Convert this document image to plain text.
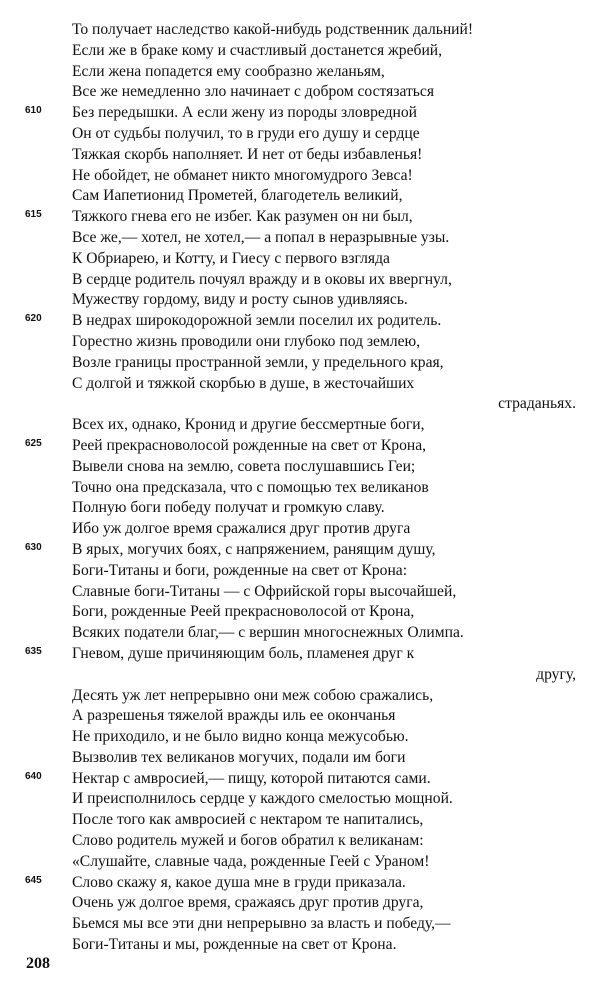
То получает наследство какой-нибудь родственник дальний!
Если же в браке кому и счастливый достанется жребий,
Если жена попадется ему сообразно желаньям,
Все же немедленно зло начинает с добром состязаться
610 Без передышки. А если жену из породы зловредной
Он от судьбы получил, то в груди его душу и сердце
Тяжкая скорбь наполняет. И нет от беды избавленья!
Не обойдет, не обманет никто многомудрого Зевса!
Сам Иапетионид Прометей, благодетель великий,
615 Тяжкого гнева его не избег. Как разумен он ни был,
Все же,— хотел, не хотел,— а попал в неразрывные узы.
К Обриарею, и Котту, и Гиесу с первого взгляда
В сердце родитель почуял вражду и в оковы их ввергнул,
Мужеству гордому, виду и росту сынов удивляясь.
620 В недрах широкодорожной земли поселил их родитель.
Горестно жизнь проводили они глубоко под землею,
Возле границы пространной земли, у предельного края,
С долгой и тяжкой скорбью в душе, в жесточайших
страданьях.
Всех их, однако, Кронид и другие бессмертные боги,
625 Реей прекрасноволосой рожденные на свет от Крона,
Вывели снова на землю, совета послушавшись Геи;
Точно она предсказала, что с помощью тех великанов
Полную боги победу получат и громкую славу.
Ибо уж долгое время сражалися друг против друга
630 В ярых, могучих боях, с напряжением, ранящим душу,
Боги-Титаны и боги, рожденные на свет от Крона:
Славные боги-Титаны — с Офрийской горы высочайшей,
Боги, рожденные Реей прекрасноволосой от Крона,
Всяких податели благ,— с вершин многоснежных Олимпа.
635 Гневом, душе причиняющим боль, пламенея друг к
другу,
Десять уж лет непрерывно они меж собою сражались,
А разрешенья тяжелой вражды иль ее окончанья
Не приходило, и не было видно конца межусобью.
Вызволив тех великанов могучих, подали им боги
640 Нектар с амвросией,— пищу, которой питаются сами.
И преисполнилось сердце у каждого смелостью мощной.
После того как амвросией с нектаром те напитались,
Слово родитель мужей и богов обратил к великанам:
«Слушайте, славные чада, рожденные Геей с Ураном!
645 Слово скажу я, какое душа мне в груди приказала.
Очень уж долгое время, сражаясь друг против друга,
Бьемся мы все эти дни непрерывно за власть и победу,—
Боги-Титаны и мы, рожденные на свет от Крона.
208
